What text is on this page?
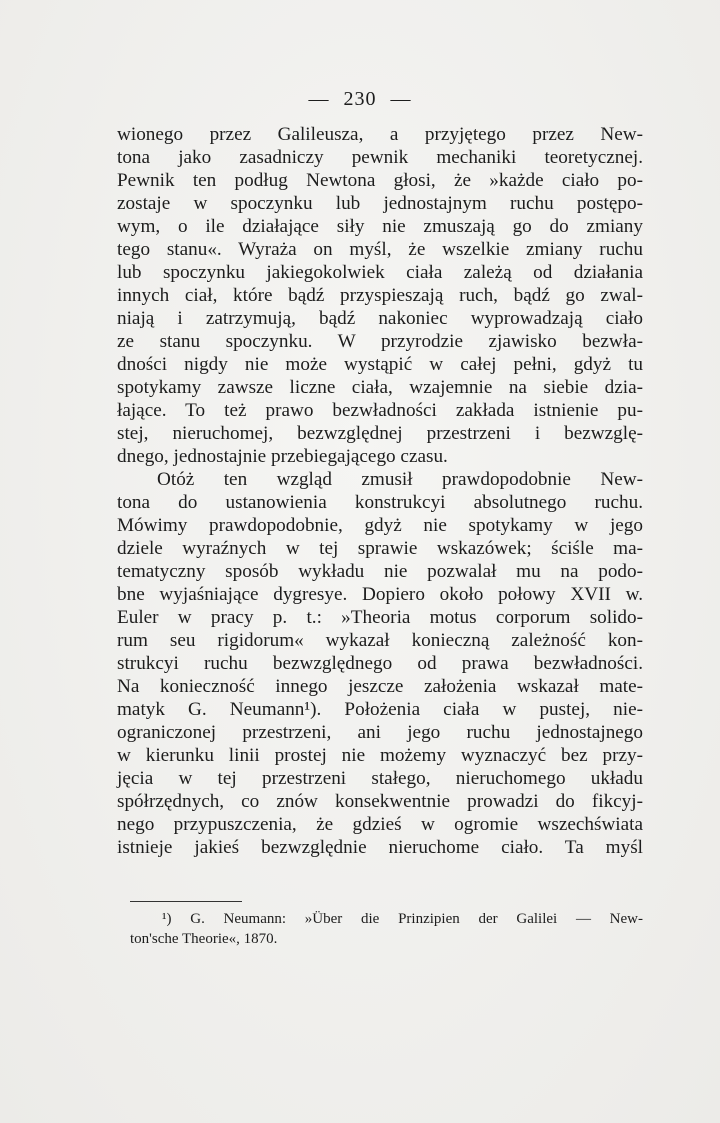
— 230 —
wionego przez Galileusza, a przyjętego przez New-
tona jako zasadniczy pewnik mechaniki teoretycznej.
Pewnik ten podług Newtona głosi, że »każde ciało po-
zostaje w spoczynku lub jednostajnym ruchu postępo-
wym, o ile działające siły nie zmuszają go do zmiany
tego stanu«. Wyraża on myśl, że wszelkie zmiany ruchu
lub spoczynku jakiegokolwiek ciała zależą od działania
innych ciał, które bądź przyspieszają ruch, bądź go zwal-
niają i zatrzymują, bądź nakoniec wyprowadzają ciało
ze stanu spoczynku. W przyrodzie zjawisko bezwła-
dności nigdy nie może wystąpić w całej pełni, gdyż tu
spotykamy zawsze liczne ciała, wzajemnie na siebie dzia-
łające. To też prawo bezwładności zakłada istnienie pu-
stej, nieruchomej, bezwzględnej przestrzeni i bezwzglę-
dnego, jednostajnie przebiegającego czasu.
Otóż ten wzgląd zmusił prawdopodobnie New-
tona do ustanowienia konstrukcyi absolutnego ruchu.
Mówimy prawdopodobnie, gdyż nie spotykamy w jego
dziele wyraźnych w tej sprawie wskazówek; ściśle ma-
tematyczny sposób wykładu nie pozwalał mu na podo-
bne wyjaśniające dygresye. Dopiero około połowy XVII w.
Euler w pracy p. t.: »Theoria motus corporum solido-
rum seu rigidorum« wykazał konieczną zależność kon-
strukcyi ruchu bezwzględnego od prawa bezwładności.
Na konieczność innego jeszcze założenia wskazał mate-
matyk G. Neumann¹). Położenia ciała w pustej, nie-
ograniczonej przestrzeni, ani jego ruchu jednostajnego
w kierunku linii prostej nie możemy wyznaczyć bez przy-
jęcia w tej przestrzeni stałego, nieruchomego układu
spółrzędnych, co znów konsekwentnie prowadzi do fikcyj-
nego przypuszczenia, że gdzieś w ogromie wszechświata
istnieje jakieś bezwzględnie nieruchome ciało. Ta myśl
¹) G. Neumann: »Über die Prinzipien der Galilei — New-
ton'sche Theorie«, 1870.
